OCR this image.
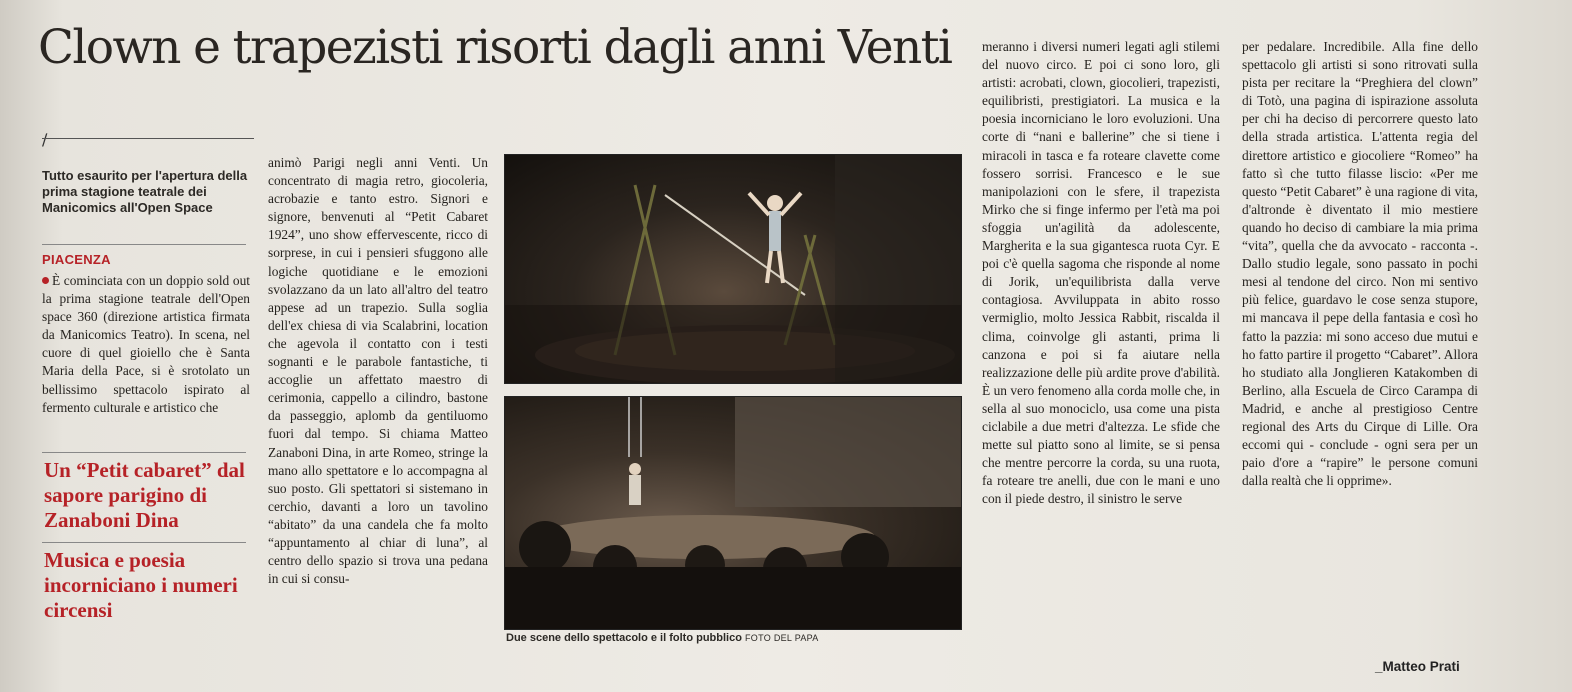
Clown e trapezisti risorti dagli anni Venti
∕
Tutto esaurito per l'apertura della prima stagione teatrale dei Manicomics all'Open Space
PIACENZA
È cominciata con un doppio sold out la prima stagione teatrale dell'Open space 360 (direzione artistica firmata da Manicomics Teatro). In scena, nel cuore di quel gioiello che è Santa Maria della Pace, si è srotolato un bellissimo spettacolo ispirato al fermento culturale e artistico che
Un “Petit cabaret” dal sapore parigino di Zanaboni Dina
Musica e poesia incorniciano i numeri circensi
animò Parigi negli anni Venti. Un concentrato di magia retro, giocoleria, acrobazie e tanto estro. Signori e signore, benvenuti al “Petit Cabaret 1924”, uno show effervescente, ricco di sorprese, in cui i pensieri sfuggono alle logiche quotidiane e le emozioni svolazzano da un lato all'altro del teatro appese ad un trapezio. Sulla soglia dell'ex chiesa di via Scalabrini, location che agevola il contatto con i testi sognanti e le parabole fantastiche, ti accoglie un affettato maestro di cerimonia, cappello a cilindro, bastone da passeggio, aplomb da gentiluomo fuori dal tempo. Si chiama Matteo Zanaboni Dina, in arte Romeo, stringe la mano allo spettatore e lo accompagna al suo posto. Gli spettatori si sistemano in cerchio, davanti a loro un tavolino “abitato” da una candela che fa molto “appuntamento al chiar di luna”, al centro dello spazio si trova una pedana in cui si consu-
Due scene dello spettacolo e il folto pubblico FOTO DEL PAPA
meranno i diversi numeri legati agli stilemi del nuovo circo. E poi ci sono loro, gli artisti: acrobati, clown, giocolieri, trapezisti, equilibristi, prestigiatori. La musica e la poesia incorniciano le loro evoluzioni. Una corte di “nani e ballerine” che si tiene i miracoli in tasca e fa roteare clavette come fossero sorrisi. Francesco e le sue manipolazioni con le sfere, il trapezista Mirko che si finge infermo per l'età ma poi sfoggia un'agilità da adolescente, Margherita e la sua gigantesca ruota Cyr. E poi c'è quella sagoma che risponde al nome di Jorik, un'equilibrista dalla verve contagiosa. Avviluppata in abito rosso vermiglio, molto Jessica Rabbit, riscalda il clima, coinvolge gli astanti, prima li canzona e poi si fa aiutare nella realizzazione delle più ardite prove d'abilità. È un vero fenomeno alla corda molle che, in sella al suo monociclo, usa come una pista ciclabile a due metri d'altezza. Le sfide che mette sul piatto sono al limite, se si pensa che mentre percorre la corda, su una ruota, fa roteare tre anelli, due con le mani e uno con il piede destro, il sinistro le serve
per pedalare. Incredibile. Alla fine dello spettacolo gli artisti si sono ritrovati sulla pista per recitare la “Preghiera del clown” di Totò, una pagina di ispirazione assoluta per chi ha deciso di percorrere questo lato della strada artistica. L'attenta regia del direttore artistico e giocoliere “Romeo” ha fatto sì che tutto filasse liscio: «Per me questo “Petit Cabaret” è una ragione di vita, d'altronde è diventato il mio mestiere quando ho deciso di cambiare la mia prima “vita”, quella che da avvocato - racconta -. Dallo studio legale, sono passato in pochi mesi al tendone del circo. Non mi sentivo più felice, guardavo le cose senza stupore, mi mancava il pepe della fantasia e così ho fatto la pazzia: mi sono acceso due mutui e ho fatto partire il progetto “Cabaret”. Allora ho studiato alla Jonglieren Katakomben di Berlino, alla Escuela de Circo Carampa di Madrid, e anche al prestigioso Centre regional des Arts du Cirque di Lille. Ora eccomi qui - conclude - ogni sera per un paio d'ore a “rapire” le persone comuni dalla realtà che li opprime».
_Matteo Prati
